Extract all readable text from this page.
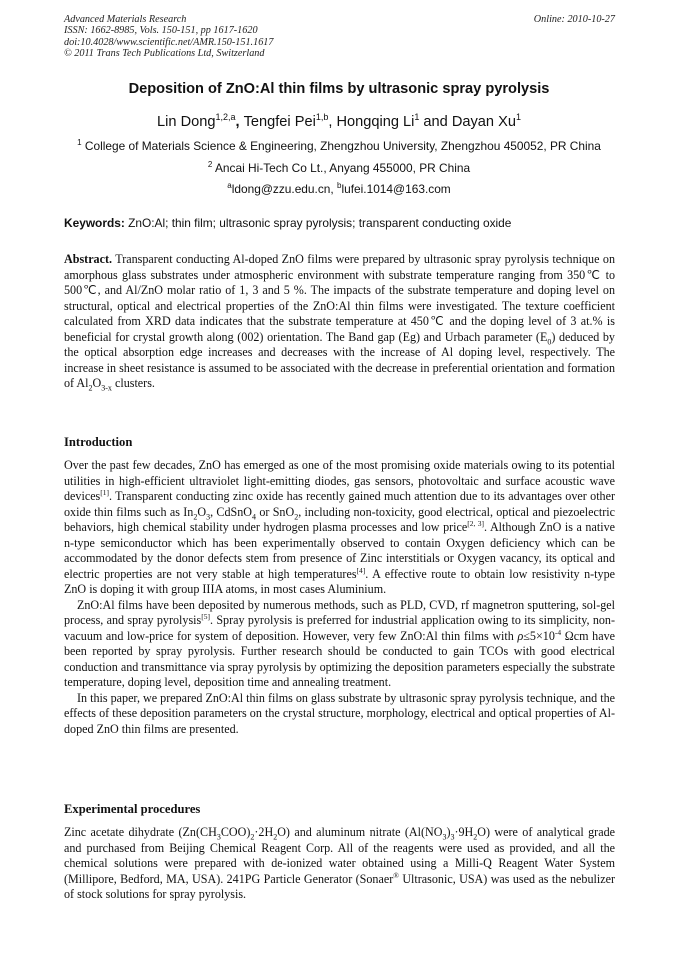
Advanced Materials Research
ISSN: 1662-8985, Vols. 150-151, pp 1617-1620
doi:10.4028/www.scientific.net/AMR.150-151.1617
© 2011 Trans Tech Publications Ltd, Switzerland
Online: 2010-10-27
Deposition of ZnO:Al thin films by ultrasonic spray pyrolysis
Lin Dong$^{1,2,a}$, Tengfei Pei$^{1,b}$, Hongqing Li$^1$ and Dayan Xu$^1$
$^1$ College of Materials Science & Engineering, Zhengzhou University, Zhengzhou 450052, PR China
$^2$ Ancai Hi-Tech Co Lt., Anyang 455000, PR China
$^a$ldong@zzu.edu.cn, $^b$lufei.1014@163.com
Keywords: ZnO:Al; thin film; ultrasonic spray pyrolysis; transparent conducting oxide

Abstract. Transparent conducting Al-doped ZnO films were prepared by ultrasonic spray pyrolysis technique on amorphous glass substrates under atmospheric environment with substrate temperature ranging from 350℃ to 500℃, and Al/ZnO molar ratio of 1, 3 and 5 %. The impacts of the substrate temperature and doping level on structural, optical and electrical properties of the ZnO:Al thin films were investigated. The texture coefficient calculated from XRD data indicates that the substrate temperature at 450℃ and the doping level of 3 at.% is beneficial for crystal growth along (002) orientation. The Band gap (Eg) and Urbach parameter $(E_0)$ deduced by the optical absorption edge increases and decreases with the increase of Al doping level, respectively. The increase in sheet resistance is assumed to be associated with the decrease in preferential orientation and formation of $Al_2O_{3-x}$ clusters.

Introduction

Over the past few decades, ZnO has emerged as one of the most promising oxide materials owing to its potential utilities in high-efficient ultraviolet light-emitting diodes, gas sensors, photovoltaic and surface acoustic wave devices[1]. Transparent conducting zinc oxide has recently gained much attention due to its advantages over other oxide thin films such as $In_2O_3$, CdSnO$_4$ or SnO$_2$, including non-toxicity, good electrical, optical and piezoelectric behaviors, high chemical stability under hydrogen plasma processes and low price[2, 3]. Although ZnO is a native n-type semiconductor which has been experimentally observed to contain Oxygen deficiency which can be accommodated by the donor defects stem from presence of Zinc interstitials or Oxygen vacancy, its optical and electric properties are not very stable at high temperatures[4]. A effective route to obtain low resistivity n-type ZnO is doping it with group IIIA atoms, in most cases Aluminium.

ZnO:Al films have been deposited by numerous methods, such as PLD, CVD, rf magnetron sputtering, sol-gel process, and spray pyrolysis[5]. Spray pyrolysis is preferred for industrial application owing to its simplicity, non-vacuum and low-price for system of deposition. However, very few ZnO:Al thin films with $\rho\le 5\times 10^{-4}$ Ωcm have been reported by spray pyrolysis. Further research should be conducted to gain TCOs with good electrical conduction and transmittance via spray pyrolysis by optimizing the deposition parameters especially the substrate temperature, doping level, deposition time and annealing treatment.

In this paper, we prepared ZnO:Al thin films on glass substrate by ultrasonic spray pyrolysis technique, and the effects of these deposition parameters on the crystal structure, morphology, electrical and optical properties of Al-doped ZnO thin films are presented.

Experimental procedures

Zinc acetate dihydrate $(Zn(CH_3COO)_2\cdot 2H_2O)$ and aluminum nitrate $(Al(NO_3)_3\cdot 9H_2O)$ were of analytical grade and purchased from Beijing Chemical Reagent Corp. All of the reagents were used as provided, and all the chemical solutions were prepared with de-ionized water obtained using a Milli-Q Reagent Water System (Millipore, Bedford, MA, USA). 241PG Particle Generator (Sonaer® Ultrasonic, USA) was used as the nebulizer of stock solutions for spray pyrolysis.
